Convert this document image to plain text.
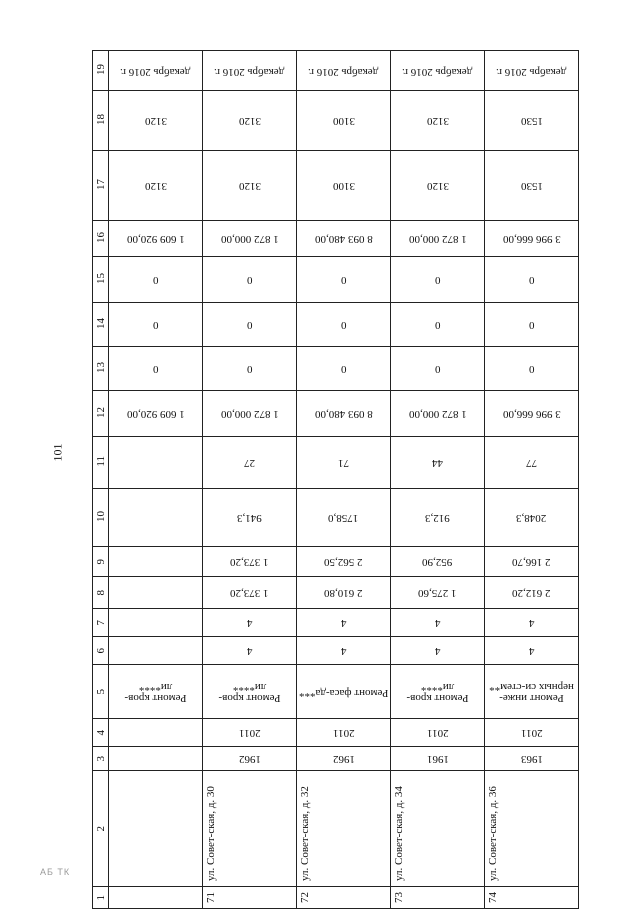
101
АБ ТК
19	декабрь 2016 г.	декабрь 2016 г.	декабрь 2016 г.	декабрь 2016 г.	декабрь 2016 г.
18	3120	3120	3100	3120	1530
17	3120	3120	3100	3120	1530
16	1 609 920,00	1 872 000,00	8 093 480,00	1 872 000,00	3 996 666,00
15	0	0	0	0	0
14	0	0	0	0	0
13	0	0	0	0	0
12	1 609 920,00	1 872 000,00	8 093 480,00	1 872 000,00	3 996 666,00
11		27	71	44	77
10		941,3	1758,0	912,3	2048,3
9		1 373,20	2 562,50	952,90	2 166,70
8		1 373,20	2 610,80	1 275,60	2 612,20
7		4	4	4	4
6		4	4	4	4
5	Ремонт кров-ли****	Ремонт кров-ли****	Ремонт фаса-да***	Ремонт кров-ли****	Ремонт инже-нерных си-стем**
4		2011	2011	2011	2011
3		1962	1962	1961	1963
2		ул. Совет-ская, д. 30	ул. Совет-ская, д. 32	ул. Совет-ская, д. 34	ул. Совет-ская, д. 36
1		71	72	73	74
